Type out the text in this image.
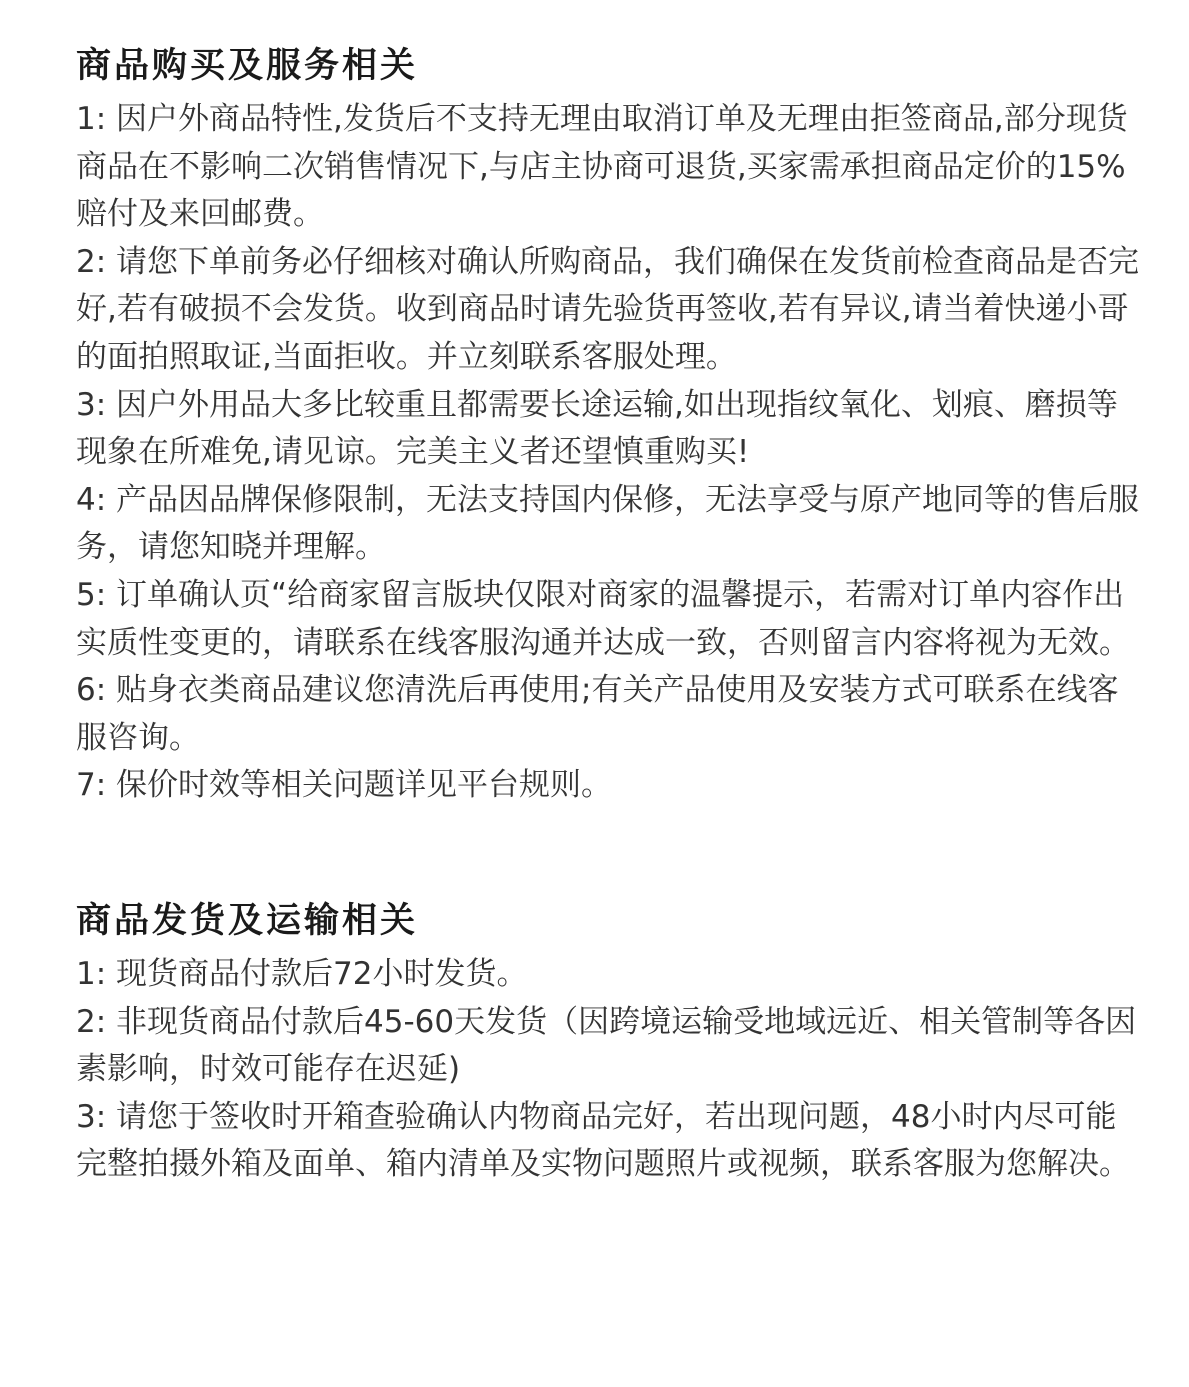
商品购买及服务相关

1: 因户外商品特性,发货后不支持无理由取消订单及无理由拒签商品,部分现货商品在不影响二次销售情况下,与店主协商可退货,买家需承担商品定价的15%赔付及来回邮费。

2: 请您下单前务必仔细核对确认所购商品，我们确保在发货前检查商品是否完好,若有破损不会发货。收到商品时请先验货再签收,若有异议,请当着快递小哥的面拍照取证,当面拒收。并立刻联系客服处理。

3: 因户外用品大多比较重且都需要长途运输,如出现指纹氧化、划痕、磨损等现象在所难免,请见谅。完美主义者还望慎重购买!

4: 产品因品牌保修限制，无法支持国内保修，无法享受与原产地同等的售后服务，请您知晓并理解。

5: 订单确认页“给商家留言版块仅限对商家的温馨提示，若需对订单内容作出实质性变更的，请联系在线客服沟通并达成一致，否则留言内容将视为无效。

6: 贴身衣类商品建议您清洗后再使用;有关产品使用及安装方式可联系在线客服咨询。

7: 保价时效等相关问题详见平台规则。

商品发货及运输相关

1: 现货商品付款后72小时发货。

2: 非现货商品付款后45-60天发货（因跨境运输受地域远近、相关管制等各因素影响，时效可能存在迟延)

3: 请您于签收时开箱查验确认内物商品完好，若出现问题，48小时内尽可能完整拍摄外箱及面单、箱内清单及实物问题照片或视频，联系客服为您解决。
